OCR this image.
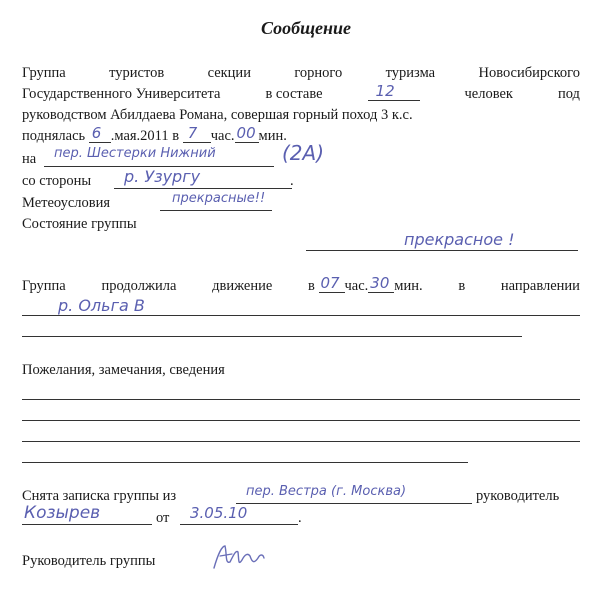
Сообщение
Группа	туристов	секции	горного	туризма	Новосибирского
Государственного Университета	в составе	12	человек	под
руководством Абилдаева Романа, совершая горный поход 3 к.с.
поднялась 6 .мая.2011 в 7 час. 00 мин.
на пер. Шестерки Нижний	(2А)
со стороны р. Узургу	.
Метеоусловия	прекрасные!!
Состояние группы
прекрасное !
Группа продолжила движение в 07 час. 30 мин. в направлении
р. Ольга В
Пожелания, замечания, сведения
Снята записка группы из	пер. Вестра (г. Москва)	руководитель
Козырев	от 3.05.10	.
Руководитель группы
